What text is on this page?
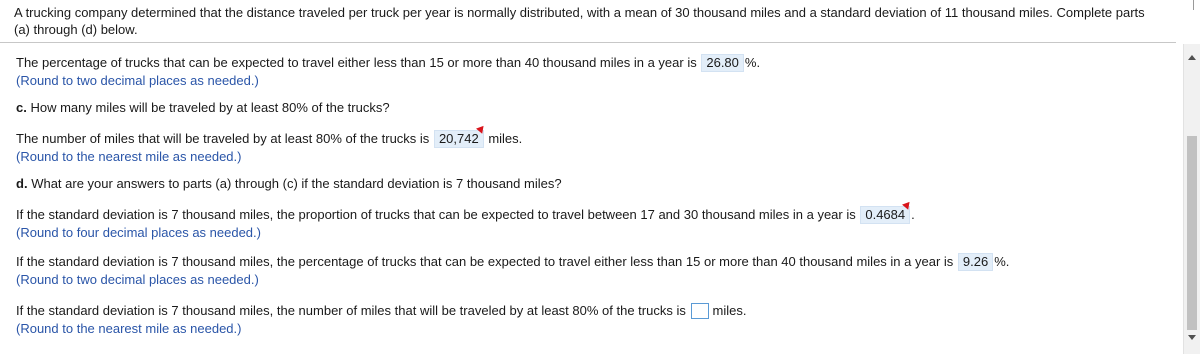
A trucking company determined that the distance traveled per truck per year is normally distributed, with a mean of 30 thousand miles and a standard deviation of 11 thousand miles. Complete parts (a) through (d) below.
The percentage of trucks that can be expected to travel either less than 15 or more than 40 thousand miles in a year is 26.80 %.
(Round to two decimal places as needed.)
c. How many miles will be traveled by at least 80% of the trucks?
The number of miles that will be traveled by at least 80% of the trucks is 20,742 miles.
(Round to the nearest mile as needed.)
d. What are your answers to parts (a) through (c) if the standard deviation is 7 thousand miles?
If the standard deviation is 7 thousand miles, the proportion of trucks that can be expected to travel between 17 and 30 thousand miles in a year is 0.4684 .
(Round to four decimal places as needed.)
If the standard deviation is 7 thousand miles, the percentage of trucks that can be expected to travel either less than 15 or more than 40 thousand miles in a year is 9.26 %.
(Round to two decimal places as needed.)
If the standard deviation is 7 thousand miles, the number of miles that will be traveled by at least 80% of the trucks is miles.
(Round to the nearest mile as needed.)
